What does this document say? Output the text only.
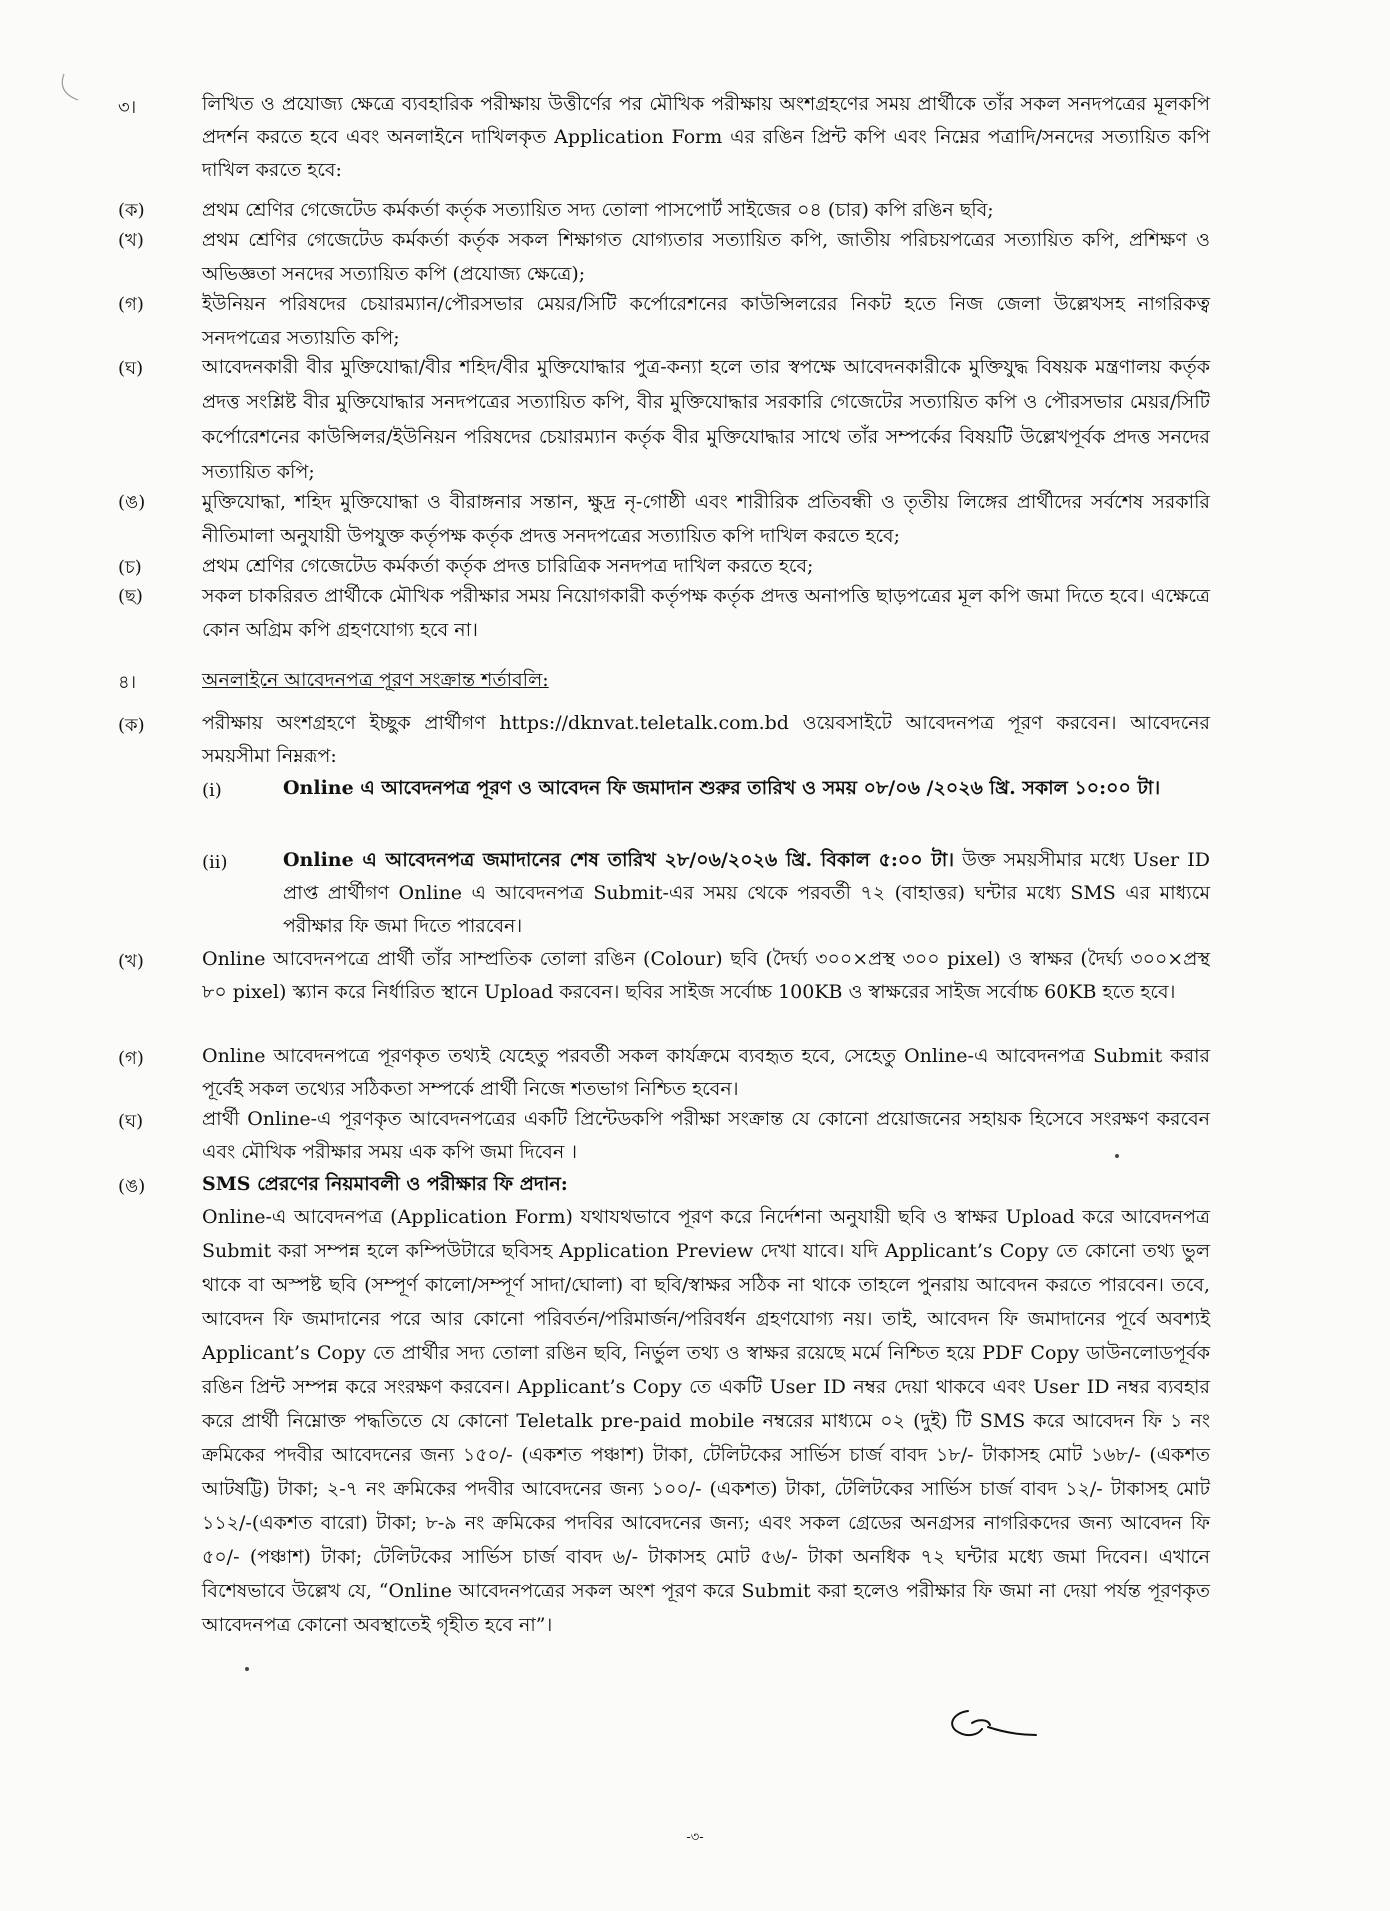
৩।	লিখিত ও প্রযোজ্য ক্ষেত্রে ব্যবহারিক পরীক্ষায় উত্তীর্ণের পর মৌখিক পরীক্ষায় অংশগ্রহণের সময় প্রার্থীকে তাঁর সকল সনদপত্রের মূলকপি প্রদর্শন করতে হবে এবং অনলাইনে দাখিলকৃত Application Form এর রঙিন প্রিন্ট কপি এবং নিম্নের পত্রাদি/সনদের সত্যায়িত কপি দাখিল করতে হবে:
(ক)	প্রথম শ্রেণির গেজেটেড কর্মকর্তা কর্তৃক সত্যায়িত সদ্য তোলা পাসপোর্ট সাইজের ০৪ (চার) কপি রঙিন ছবি;
(খ)	প্রথম শ্রেণির গেজেটেড কর্মকর্তা কর্তৃক সকল শিক্ষাগত যোগ্যতার সত্যায়িত কপি, জাতীয় পরিচয়পত্রের সত্যায়িত কপি, প্রশিক্ষণ ও অভিজ্ঞতা সনদের সত্যায়িত কপি (প্রযোজ্য ক্ষেত্রে);
(গ)	ইউনিয়ন পরিষদের চেয়ারম্যান/পৌরসভার মেয়র/সিটি কর্পোরেশনের কাউন্সিলরের নিকট হতে নিজ জেলা উল্লেখসহ নাগরিকত্ব সনদপত্রের সত্যায়তি কপি;
(ঘ)	আবেদনকারী বীর মুক্তিযোদ্ধা/বীর শহিদ/বীর মুক্তিযোদ্ধার পুত্র-কন্যা হলে তার স্বপক্ষে আবেদনকারীকে মুক্তিযুদ্ধ বিষয়ক মন্ত্রণালয় কর্তৃক প্রদত্ত সংশ্লিষ্ট বীর মুক্তিযোদ্ধার সনদপত্রের সত্যায়িত কপি, বীর মুক্তিযোদ্ধার সরকারি গেজেটের সত্যায়িত কপি ও পৌরসভার মেয়র/সিটি কর্পোরেশনের কাউন্সিলর/ইউনিয়ন পরিষদের চেয়ারম্যান কর্তৃক বীর মুক্তিযোদ্ধার সাথে তাঁর সম্পর্কের বিষয়টি উল্লেখপূর্বক প্রদত্ত সনদের সত্যায়িত কপি;
(ঙ)	মুক্তিযোদ্ধা, শহিদ মুক্তিযোদ্ধা ও বীরাঙ্গনার সন্তান, ক্ষুদ্র নৃ-গোষ্ঠী এবং শারীরিক প্রতিবন্ধী ও তৃতীয় লিঙ্গের প্রার্থীদের সর্বশেষ সরকারি নীতিমালা অনুযায়ী উপযুক্ত কর্তৃপক্ষ কর্তৃক প্রদত্ত সনদপত্রের সত্যায়িত কপি দাখিল করতে হবে;
(চ)	প্রথম শ্রেণির গেজেটেড কর্মকর্তা কর্তৃক প্রদত্ত চারিত্রিক সনদপত্র দাখিল করতে হবে;
(ছ)	সকল চাকরিরত প্রার্থীকে মৌখিক পরীক্ষার সময় নিয়োগকারী কর্তৃপক্ষ কর্তৃক প্রদত্ত অনাপত্তি ছাড়পত্রের মূল কপি জমা দিতে হবে। এক্ষেত্রে কোন অগ্রিম কপি গ্রহণযোগ্য হবে না।
৪।	অনলাইনে আবেদনপত্র পূরণ সংক্রান্ত শর্তাবলি:
(ক)	পরীক্ষায় অংশগ্রহণে ইচ্ছুক প্রার্থীগণ https://dknvat.teletalk.com.bd ওয়েবসাইটে আবেদনপত্র পূরণ করবেন। আবেদনের সময়সীমা নিম্নরূপ:
(i)	Online এ আবেদনপত্র পূরণ ও আবেদন ফি জমাদান শুরুর তারিখ ও সময় ০৮/০৬ /২০২৬ খ্রি. সকাল ১০:০০ টা।
(ii)	Online এ আবেদনপত্র জমাদানের শেষ তারিখ ২৮/০৬/২০২৬ খ্রি. বিকাল ৫:০০ টা। উক্ত সময়সীমার মধ্যে User ID প্রাপ্ত প্রার্থীগণ Online এ আবেদনপত্র Submit-এর সময় থেকে পরবর্তী ৭২ (বাহাত্তর) ঘন্টার মধ্যে SMS এর মাধ্যমে পরীক্ষার ফি জমা দিতে পারবেন।
(খ)	Online আবেদনপত্রে প্রার্থী তাঁর সাম্প্রতিক তোলা রঙিন (Colour) ছবি (দৈর্ঘ্য ৩০০×প্রস্থ ৩০০ pixel) ও স্বাক্ষর (দৈর্ঘ্য ৩০০×প্রস্থ ৮০ pixel) স্ক্যান করে নির্ধারিত স্থানে Upload করবেন। ছবির সাইজ সর্বোচ্চ 100KB ও স্বাক্ষরের সাইজ সর্বোচ্চ 60KB হতে হবে।
(গ)	Online আবেদনপত্রে পূরণকৃত তথ্যই যেহেতু পরবর্তী সকল কার্যক্রমে ব্যবহৃত হবে, সেহেতু Online-এ আবেদনপত্র Submit করার পূর্বেই সকল তথ্যের সঠিকতা সম্পর্কে প্রার্থী নিজে শতভাগ নিশ্চিত হবেন।
(ঘ)	প্রার্থী Online-এ পূরণকৃত আবেদনপত্রের একটি প্রিন্টেডকপি পরীক্ষা সংক্রান্ত যে কোনো প্রয়োজনের সহায়ক হিসেবে সংরক্ষণ করবেন এবং মৌখিক পরীক্ষার সময় এক কপি জমা দিবেন ।
(ঙ)	SMS প্রেরণের নিয়মাবলী ও পরীক্ষার ফি প্রদান:
Online-এ আবেদনপত্র (Application Form) যথাযথভাবে পূরণ করে নির্দেশনা অনুযায়ী ছবি ও স্বাক্ষর Upload করে আবেদনপত্র Submit করা সম্পন্ন হলে কম্পিউটারে ছবিসহ Application Preview দেখা যাবে। যদি Applicant’s Copy তে কোনো তথ্য ভুল থাকে বা অস্পষ্ট ছবি (সম্পূর্ণ কালো/সম্পূর্ণ সাদা/ঘোলা) বা ছবি/স্বাক্ষর সঠিক না থাকে তাহলে পুনরায় আবেদন করতে পারবেন। তবে, আবেদন ফি জমাদানের পরে আর কোনো পরিবর্তন/পরিমার্জন/পরিবর্ধন গ্রহণযোগ্য নয়। তাই, আবেদন ফি জমাদানের পূর্বে অবশ্যই Applicant’s Copy তে প্রার্থীর সদ্য তোলা রঙিন ছবি, নির্ভুল তথ্য ও স্বাক্ষর রয়েছে মর্মে নিশ্চিত হয়ে PDF Copy ডাউনলোডপূর্বক রঙিন প্রিন্ট সম্পন্ন করে সংরক্ষণ করবেন। Applicant’s Copy তে একটি User ID নম্বর দেয়া থাকবে এবং User ID নম্বর ব্যবহার করে প্রার্থী নিম্নোক্ত পদ্ধতিতে যে কোনো Teletalk pre-paid mobile নম্বরের মাধ্যমে ০২ (দুই) টি SMS করে আবেদন ফি ১ নং ক্রমিকের পদবীর আবেদনের জন্য ১৫০/- (একশত পঞ্চাশ) টাকা, টেলিটকের সার্ভিস চার্জ বাবদ ১৮/- টাকাসহ মোট ১৬৮/- (একশত আটষট্টি) টাকা; ২-৭ নং ক্রমিকের পদবীর আবেদনের জন্য ১০০/- (একশত) টাকা, টেলিটকের সার্ভিস চার্জ বাবদ ১২/- টাকাসহ মোট ১১২/-(একশত বারো) টাকা; ৮-৯ নং ক্রমিকের পদবির আবেদনের জন্য; এবং সকল গ্রেডের অনগ্রসর নাগরিকদের জন্য আবেদন ফি ৫০/- (পঞ্চাশ) টাকা; টেলিটকের সার্ভিস চার্জ বাবদ ৬/- টাকাসহ মোট ৫৬/- টাকা অনধিক ৭২ ঘন্টার মধ্যে জমা দিবেন। এখানে বিশেষভাবে উল্লেখ যে, “Online আবেদনপত্রের সকল অংশ পূরণ করে Submit করা হলেও পরীক্ষার ফি জমা না দেয়া পর্যন্ত পূরণকৃত আবেদনপত্র কোনো অবস্থাতেই গৃহীত হবে না”।
-৩-
